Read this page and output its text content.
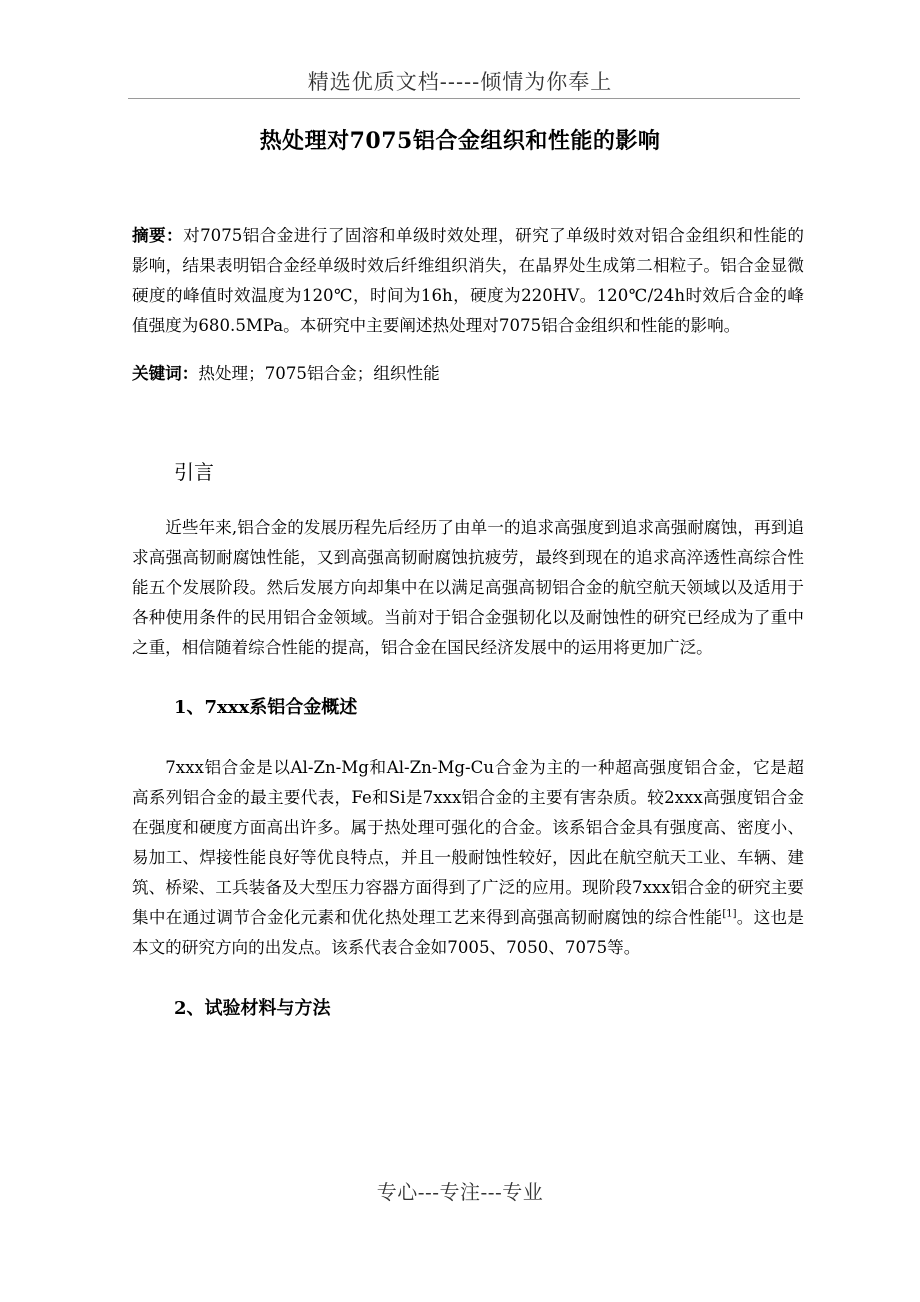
精选优质文档-----倾情为你奉上
热处理对7075铝合金组织和性能的影响

摘要：对7075铝合金进行了固溶和单级时效处理，研究了单级时效对铝合金组织和性能的影响，结果表明铝合金经单级时效后纤维组织消失，在晶界处生成第二相粒子。铝合金显微硬度的峰值时效温度为120℃，时间为16h，硬度为220HV。120℃/24h时效后合金的峰值强度为680.5MPa。本研究中主要阐述热处理对7075铝合金组织和性能的影响。

关键词：热处理；7075铝合金；组织性能

引言

近些年来,铝合金的发展历程先后经历了由单一的追求高强度到追求高强耐腐蚀，再到追求高强高韧耐腐蚀性能，又到高强高韧耐腐蚀抗疲劳，最终到现在的追求高淬透性高综合性能五个发展阶段。然后发展方向却集中在以满足高强高韧铝合金的航空航天领域以及适用于各种使用条件的民用铝合金领域。当前对于铝合金强韧化以及耐蚀性的研究已经成为了重中之重，相信随着综合性能的提高，铝合金在国民经济发展中的运用将更加广泛。

1、7xxx系铝合金概述

7xxx铝合金是以Al-Zn-Mg和Al-Zn-Mg-Cu合金为主的一种超高强度铝合金，它是超高系列铝合金的最主要代表，Fe和Si是7xxx铝合金的主要有害杂质。较2xxx高强度铝合金在强度和硬度方面高出许多。属于热处理可强化的合金。该系铝合金具有强度高、密度小、易加工、焊接性能良好等优良特点，并且一般耐蚀性较好，因此在航空航天工业、车辆、建筑、桥梁、工兵装备及大型压力容器方面得到了广泛的应用。现阶段7xxx铝合金的研究主要集中在通过调节合金化元素和优化热处理工艺来得到高强高韧耐腐蚀的综合性能[1]。这也是本文的研究方向的出发点。该系代表合金如7005、7050、7075等。

2、试验材料与方法
专心---专注---专业
